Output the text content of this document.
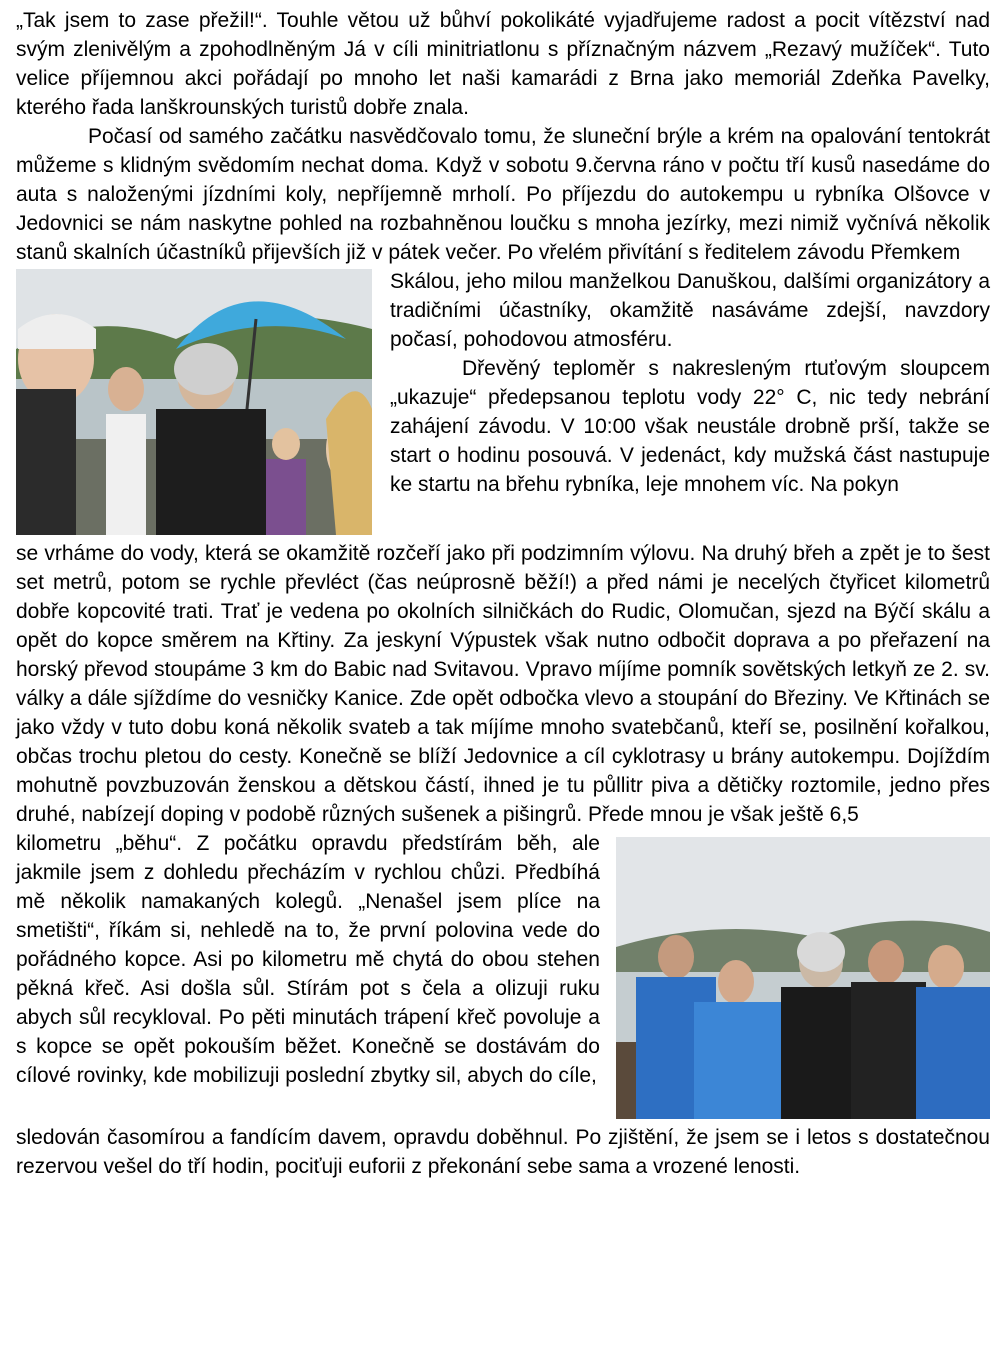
„Tak jsem to zase přežil!“. Touhle větou už bůhví pokolikáté vyjadřujeme radost a pocit vítězství nad svým zlenivělým a zpohodlněným Já v cíli minitriatlonu s příznačným názvem „Rezavý mužíček“. Tuto velice příjemnou akci pořádají po mnoho let naši kamarádi z Brna jako memoriál Zdeňka Pavelky, kterého řada lanškrounských turistů dobře znala.

Počasí od samého začátku nasvědčovalo tomu, že sluneční brýle a krém na opalování tentokrát můžeme s klidným svědomím nechat doma. Když v sobotu 9.června ráno v počtu tří kusů nasedáme do auta s naloženými jízdními koly, nepříjemně mrholí. Po příjezdu do autokempu u rybníka Olšovce v Jedovnici se nám naskytne pohled na rozbahněnou loučku s mnoha jezírky, mezi nimiž vyčnívá několik stanů skalních účastníků přijevších již v pátek večer. Po vřelém přivítání s ředitelem závodu Přemkem

Skálou, jeho milou manželkou Danuškou, dalšími organizátory a tradičními účastníky, okamžitě nasáváme zdejší, navzdory počasí, pohodovou atmosféru.

Dřevěný teploměr s nakresleným rtuťovým sloupcem „ukazuje“ předepsanou teplotu vody 22° C, nic tedy nebrání zahájení závodu. V 10:00 však neustále drobně prší, takže se start o hodinu posouvá. V jedenáct, kdy mužská část nastupuje ke startu na břehu rybníka, leje mnohem víc. Na pokyn

se vrháme do vody, která se okamžitě rozčeří jako při podzimním výlovu. Na druhý břeh a zpět je to šest set metrů, potom se rychle převléct (čas neúprosně běží!) a před námi je necelých čtyřicet kilometrů dobře kopcovité trati. Trať je vedena po okolních silničkách do Rudic, Olomučan, sjezd na Býčí skálu a opět do kopce směrem na Křtiny. Za jeskyní Výpustek však nutno odbočit doprava a po přeřazení na horský převod stoupáme 3 km do Babic nad Svitavou. Vpravo míjíme pomník sovětských letkyň ze 2. sv. války a dále sjíždíme do vesničky Kanice. Zde opět odbočka vlevo a stoupání do Březiny. Ve Křtinách se jako vždy v tuto dobu koná několik svateb a tak míjíme mnoho svatebčanů, kteří se, posilnění kořalkou, občas trochu pletou do cesty. Konečně se blíží Jedovnice a cíl cyklotrasy u brány autokempu. Dojíždím mohutně povzbuzován ženskou a dětskou částí, ihned je tu půllitr piva a dětičky roztomile, jedno přes druhé, nabízejí doping v podobě různých sušenek a pišingrů. Přede mnou je však ještě 6,5

kilometru „běhu“. Z počátku opravdu předstírám běh, ale jakmile jsem z dohledu přecházím v rychlou chůzi. Předbíhá mě několik namakaných kolegů. „Nenašel jsem plíce na smetišti“, říkám si, nehledě na to, že první polovina vede do pořádného kopce. Asi po kilometru mě chytá do obou stehen pěkná křeč. Asi došla sůl. Stírám pot s čela a olizuji ruku abych sůl recykloval. Po pěti minutách trápení křeč povoluje a s kopce se opět pokouším běžet. Konečně se dostávám do cílové rovinky, kde mobilizuji poslední zbytky sil, abych do cíle,

sledován časomírou a fandícím davem, opravdu doběhnul. Po zjištění, že jsem se i letos s dostatečnou rezervou vešel do tří hodin, pociťuji euforii z překonání sebe sama a vrozené lenosti.
